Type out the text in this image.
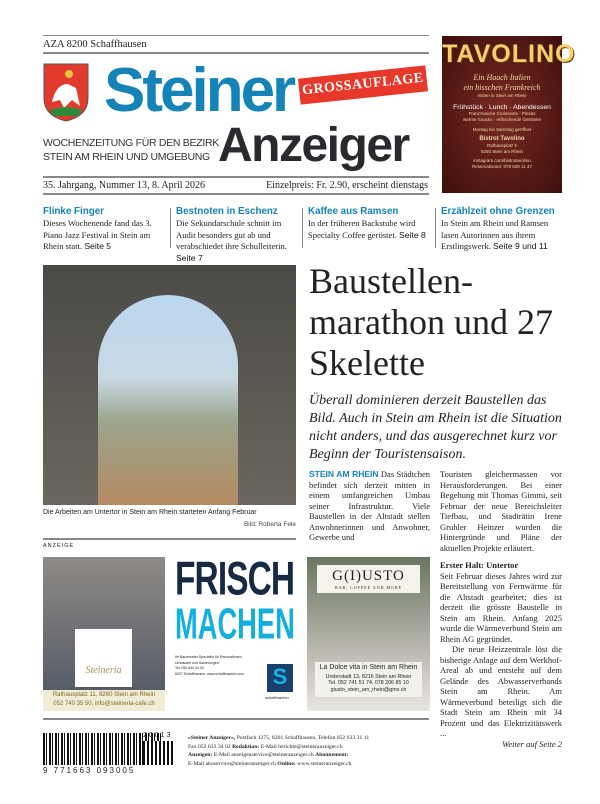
AZA 8200 Schaffhausen
Steiner
Anzeiger
GROSSAUFLAGE
WOCHENZEITUNG FÜR DEN BEZIRK
STEIN AM RHEIN UND UMGEBUNG
35. Jahrgang, Nummer 13, 8. April 2026	Einzelpreis: Fr. 2.90, erscheint dienstags
TAVOLINO
Ein Hauch Italien
ein bisschen Frankreich
mitten in Stein am Rhein
Frühstück · Lunch · Abendessen
Französische Croissants · Pinsas
warme Snacks · erfrischende Getränke
Montag bis Samstag geöffnet
Bistrot Tavolino
Rathausplatz 5
8260 Stein am Rhein
instagram.com/bistrotavolino
Reservationen: 079 839 11 47
Flinke Finger
Dieses Wochenende fand das 3. Piano Jazz Festival in Stein am Rhein statt. Seite 5
Bestnoten in Eschenz
Die Sekundarschule schnitt im Audit besonders gut ab und verabschiedet ihre Schulleiterin. Seite 7
Kaffee aus Ramsen
In der früheren Backstube wird Specialty Coffee geröstet. Seite 8
Erzählzeit ohne Grenzen
In Stein am Rhein und Ramsen lasen Autorinnen aus ihrem Erstlingswerk. Seite 9 und 11
Die Arbeiten am Untertor in Stein am Rhein starteten Anfang Februar
Bild: Roberta Fele
Baustellen-marathon und 27 Skelette
Überall dominieren derzeit Baustellen das Bild. Auch in Stein am Rhein ist die Situation nicht anders, und das ausgerechnet kurz vor Beginn der Touristensaison.
STEIN AM RHEIN Das Städtchen befindet sich derzeit mitten in einem umfangreichen Umbau seiner Infrastruktur. Viele Baustellen in der Altstadt stellen Anwohnerinnen und Anwohner, Gewerbe und
Touristen gleichermassen vor Herausforderungen. Bei einer Begehung mit Thomas Gimmi, seit Februar der neue Bereichsleiter Tiefbau, und Stadträtin Irene Gruhler Heinzer wurden die Hintergründe und Pläne der aktuellen Projekte erläutert.
Erster Halt: Untertor
Seit Februar dieses Jahres wird zur Bereitstellung von Fernwärme für die Altstadt gearbeitet; dies ist derzeit die grösste Baustelle in Stein am Rhein. Anfang 2025 wurde die Wärmeverbund Stein am Rhein AG gegründet.
Die neue Heizzentrale löst die bisherige Anlage auf dem Werkhof-Areal ab und entsteht auf dem Gelände des Abwasserverbands Stein am Rhein. Am Wärmeverbund beteiligt sich die Stadt Stein am Rhein mit 34 Prozent und das Elektrizitätswerk ...
Weiter auf Seite 2
ANZEIGE
Steineria
Rathausplatz 11, 8260 Stein am Rhein
052 740 35 50, info@steineria-cafe.ch
FRISCH
MACHEN
Ihr Baumeister-Spezialist für Renovationen, Umbauten und Sanierungen.
Tel. 052 644 04 40
8207 Schaffhausen, www.schaffmacher.com	S
schaffmacher
G(I)USTO
BAR, COFFEE AND MORE
La Dolce vita in Stein am Rhein
Understadt 13, 8216 Stein am Rhein
Tel. 052 741 51 74, 078 206 85 10
giusto_stein_am_rhein@gmx.ch
9 771663 093005
20013	«Steiner Anzeiger», Postfach 1275, 8201 Schaffhausen, Telefon 052 633 31 11
Fax 052 633 34 02 Redaktion: E-Mail berichte@steineranzeiger.ch
Anzeigen: E-Mail anzeigenservice@steineranzeiger.ch Abonnement:
E-Mail aboservice@steineranzeiger.ch Online: www.steineranzeiger.ch
